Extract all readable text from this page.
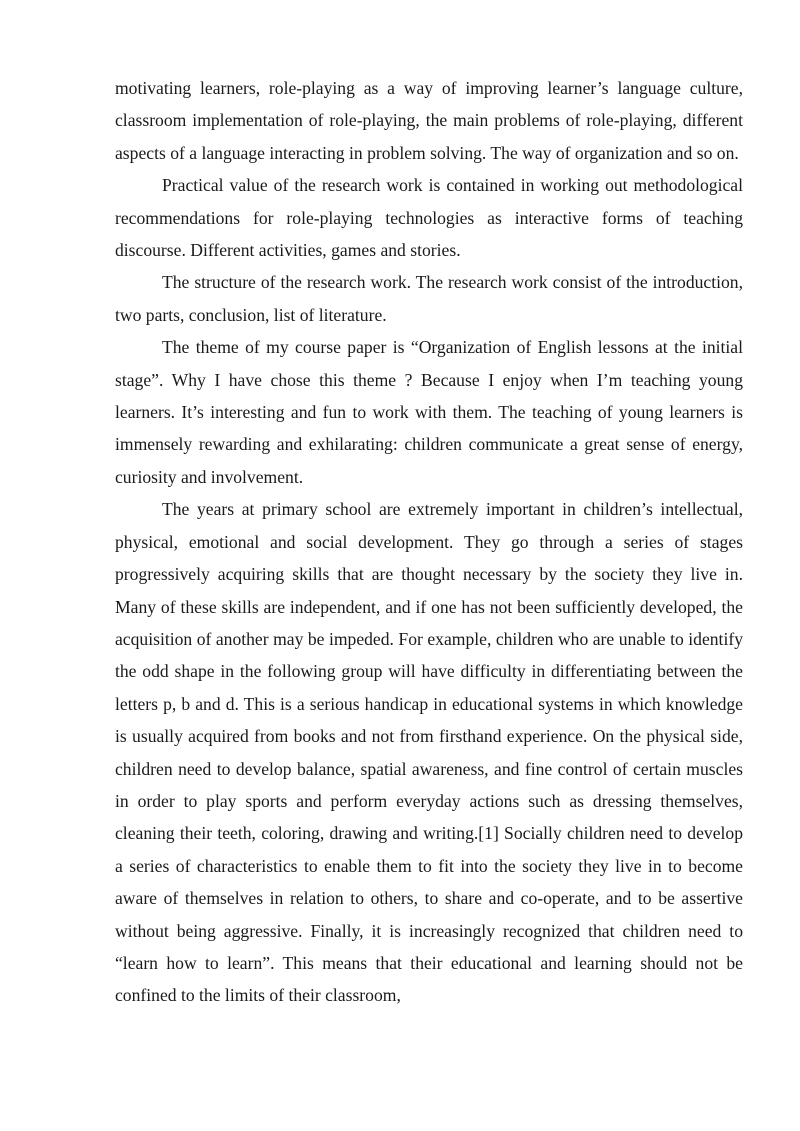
motivating learners, role-playing as a way of improving learner’s language culture, classroom implementation of role-playing, the main problems of role-playing, different aspects of a language interacting in problem solving. The way of organization and so on.

Practical value of the research work is contained in working out methodological recommendations for role-playing technologies as interactive forms of teaching discourse. Different activities, games and stories.

The structure of the research work. The research work consist of the introduction, two parts, conclusion, list of literature.

The theme of my course paper is “Organization of English lessons at the initial stage”. Why I have chose this theme ? Because I enjoy when I’m teaching young learners. It’s interesting and fun to work with them. The teaching of young learners is immensely rewarding and exhilarating: children communicate a great sense of energy, curiosity and involvement.

The years at primary school are extremely important in children’s intellectual, physical, emotional and social development. They go through a series of stages progressively acquiring skills that are thought necessary by the society they live in. Many of these skills are independent, and if one has not been sufficiently developed, the acquisition of another may be impeded. For example, children who are unable to identify the odd shape in the following group will have difficulty in differentiating between the letters p, b and d. This is a serious handicap in educational systems in which knowledge is usually acquired from books and not from firsthand experience. On the physical side, children need to develop balance, spatial awareness, and fine control of certain muscles in order to play sports and perform everyday actions such as dressing themselves, cleaning their teeth, coloring, drawing and writing.[1] Socially children need to develop a series of characteristics to enable them to fit into the society they live in to become aware of themselves in relation to others, to share and co-operate, and to be assertive without being aggressive. Finally, it is increasingly recognized that children need to “learn how to learn”. This means that their educational and learning should not be confined to the limits of their classroom,
